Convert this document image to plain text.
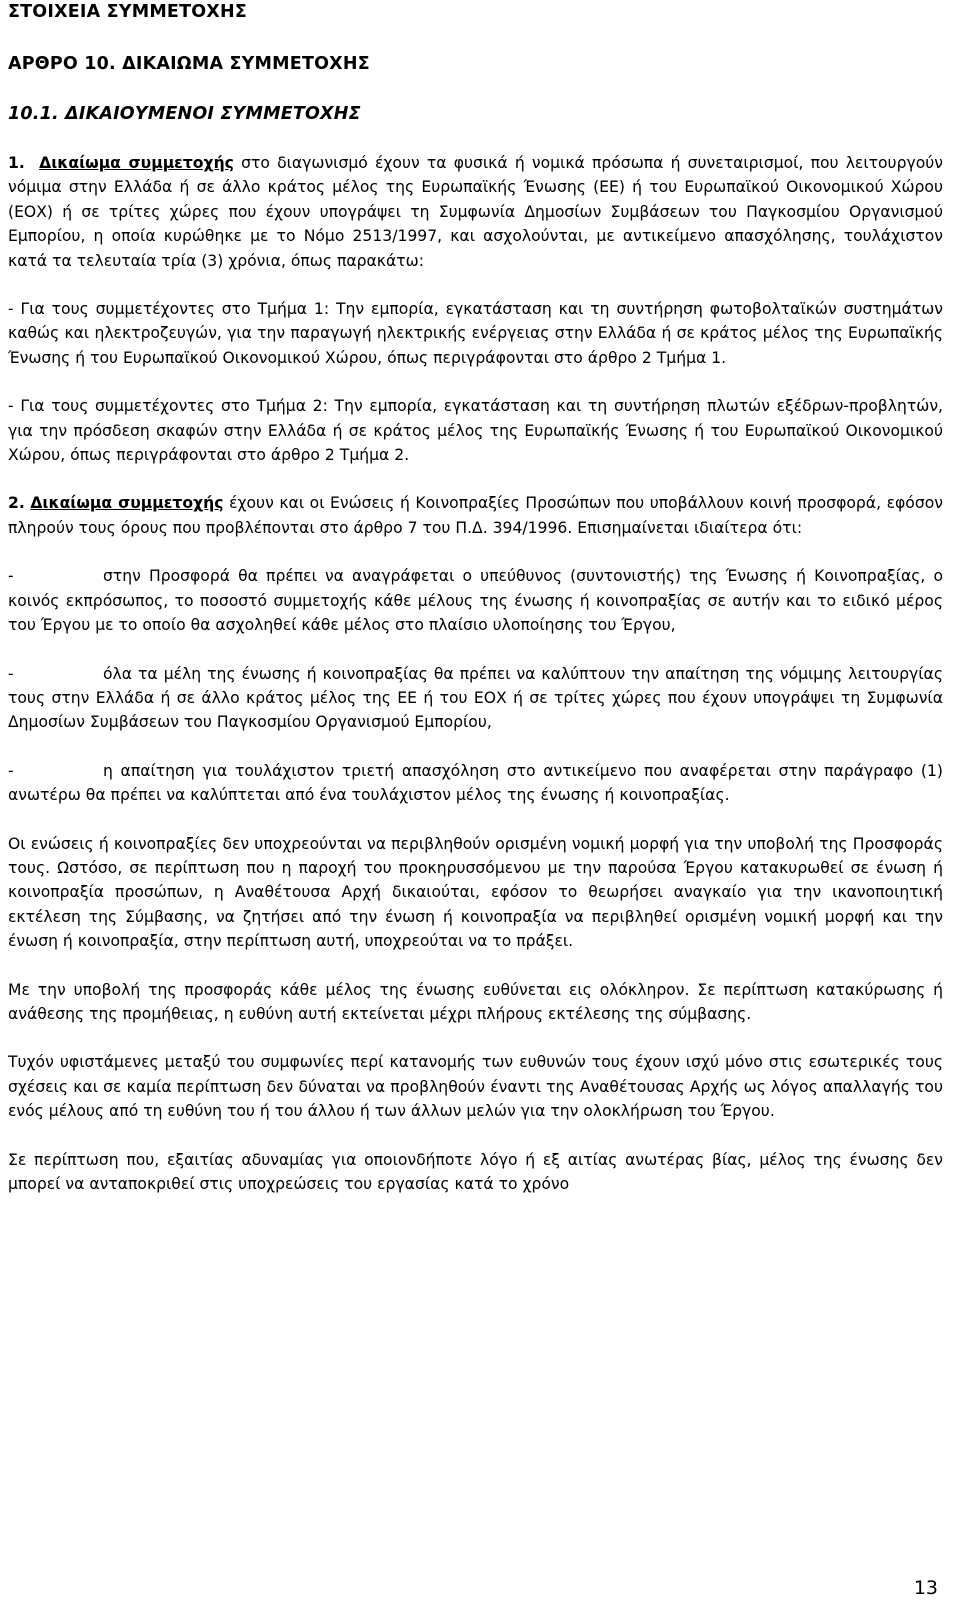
ΣΤΟΙΧΕΙΑ ΣΥΜΜΕΤΟΧΗΣ
ΑΡΘΡΟ 10. ΔΙΚΑΙΩΜΑ ΣΥΜΜΕΤΟΧΗΣ
10.1. ΔΙΚΑΙΟΥΜΕΝΟΙ ΣΥΜΜΕΤΟΧΗΣ

1. Δικαίωμα συμμετοχής στο διαγωνισμό έχουν τα φυσικά ή νομικά πρόσωπα ή συνεταιρισμοί, που λειτουργούν νόμιμα στην Ελλάδα ή σε άλλο κράτος μέλος της Ευρωπαϊκής Ένωσης (ΕΕ) ή του Ευρωπαϊκού Οικονομικού Χώρου (ΕΟΧ) ή σε τρίτες χώρες που έχουν υπογράψει τη Συμφωνία Δημοσίων Συμβάσεων του Παγκοσμίου Οργανισμού Εμπορίου, η οποία κυρώθηκε με το Νόμο 2513/1997, και ασχολούνται, με αντικείμενο απασχόλησης, τουλάχιστον κατά τα τελευταία τρία (3) χρόνια, όπως παρακάτω:

- Για τους συμμετέχοντες στο Τμήμα 1: Την εμπορία, εγκατάσταση και τη συντήρηση φωτοβολταϊκών συστημάτων καθώς και ηλεκτροζευγών, για την παραγωγή ηλεκτρικής ενέργειας στην Ελλάδα ή σε κράτος μέλος της Ευρωπαϊκής Ένωσης ή του Ευρωπαϊκού Οικονομικού Χώρου, όπως περιγράφονται στο άρθρο 2 Τμήμα 1.

- Για τους συμμετέχοντες στο Τμήμα 2: Την εμπορία, εγκατάσταση και τη συντήρηση πλωτών εξέδρων-προβλητών, για την πρόσδεση σκαφών στην Ελλάδα ή σε κράτος μέλος της Ευρωπαϊκής Ένωσης ή του Ευρωπαϊκού Οικονομικού Χώρου, όπως περιγράφονται στο άρθρο 2 Τμήμα 2.

2. Δικαίωμα συμμετοχής έχουν και οι Ενώσεις ή Κοινοπραξίες Προσώπων που υποβάλλουν κοινή προσφορά, εφόσον πληρούν τους όρους που προβλέπονται στο άρθρο 7 του Π.Δ. 394/1996. Επισημαίνεται ιδιαίτερα ότι:

-	στην Προσφορά θα πρέπει να αναγράφεται ο υπεύθυνος (συντονιστής) της Ένωσης ή Κοινοπραξίας, ο κοινός εκπρόσωπος, το ποσοστό συμμετοχής κάθε μέλους της ένωσης ή κοινοπραξίας σε αυτήν και το ειδικό μέρος του Έργου με το οποίο θα ασχοληθεί κάθε μέλος στο πλαίσιο υλοποίησης του Έργου,

-	όλα τα μέλη της ένωσης ή κοινοπραξίας θα πρέπει να καλύπτουν την απαίτηση της νόμιμης λειτουργίας τους στην Ελλάδα ή σε άλλο κράτος μέλος της ΕΕ ή του ΕΟΧ ή σε τρίτες χώρες που έχουν υπογράψει τη Συμφωνία Δημοσίων Συμβάσεων του Παγκοσμίου Οργανισμού Εμπορίου,

-	η απαίτηση για τουλάχιστον τριετή απασχόληση στο αντικείμενο που αναφέρεται στην παράγραφο (1) ανωτέρω θα πρέπει να καλύπτεται από ένα τουλάχιστον μέλος της ένωσης ή κοινοπραξίας.

Οι ενώσεις ή κοινοπραξίες δεν υποχρεούνται να περιβληθούν ορισμένη νομική μορφή για την υποβολή της Προσφοράς τους. Ωστόσο, σε περίπτωση που η παροχή του προκηρυσσόμενου με την παρούσα Έργου κατακυρωθεί σε ένωση ή κοινοπραξία προσώπων, η Αναθέτουσα Αρχή δικαιούται, εφόσον το θεωρήσει αναγκαίο για την ικανοποιητική εκτέλεση της Σύμβασης, να ζητήσει από την ένωση ή κοινοπραξία να περιβληθεί ορισμένη νομική μορφή και την ένωση ή κοινοπραξία, στην περίπτωση αυτή, υποχρεούται να το πράξει.

Με την υποβολή της προσφοράς κάθε μέλος της ένωσης ευθύνεται εις ολόκληρον. Σε περίπτωση κατακύρωσης ή ανάθεσης της προμήθειας, η ευθύνη αυτή εκτείνεται μέχρι πλήρους εκτέλεσης της σύμβασης.

Τυχόν υφιστάμενες μεταξύ του συμφωνίες περί κατανομής των ευθυνών τους έχουν ισχύ μόνο στις εσωτερικές τους σχέσεις και σε καμία περίπτωση δεν δύναται να προβληθούν έναντι της Αναθέτουσας Αρχής ως λόγος απαλλαγής του ενός μέλους από τη ευθύνη του ή του άλλου ή των άλλων μελών για την ολοκλήρωση του Έργου.

Σε περίπτωση που, εξαιτίας αδυναμίας για οποιονδήποτε λόγο ή εξ αιτίας ανωτέρας βίας, μέλος της ένωσης δεν μπορεί να ανταποκριθεί στις υποχρεώσεις του εργασίας κατά το χρόνο

13
